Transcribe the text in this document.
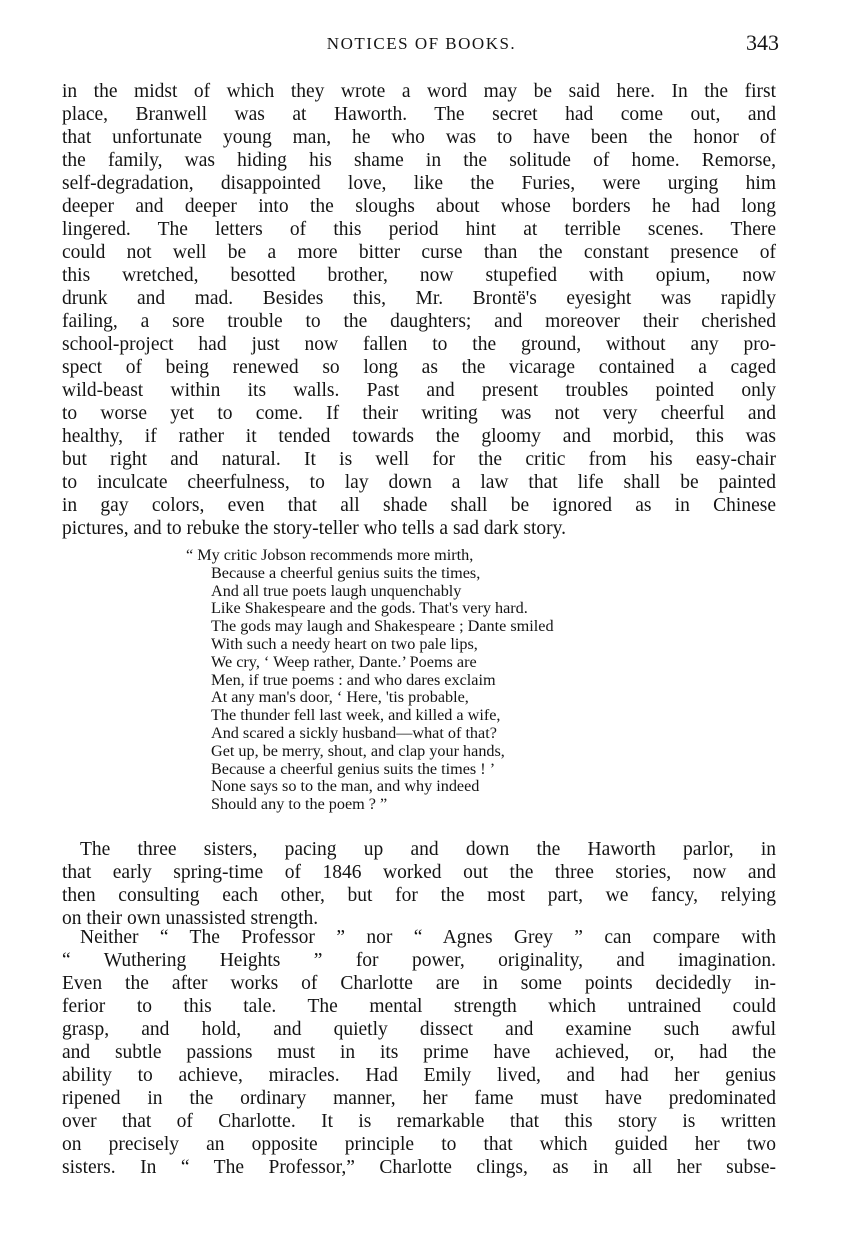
NOTICES OF BOOKS.	343
in the midst of which they wrote a word may be said here. In the first
place, Branwell was at Haworth. The secret had come out, and
that unfortunate young man, he who was to have been the honor of
the family, was hiding his shame in the solitude of home. Remorse,
self-degradation, disappointed love, like the Furies, were urging him
deeper and deeper into the sloughs about whose borders he had long
lingered. The letters of this period hint at terrible scenes. There
could not well be a more bitter curse than the constant presence of
this wretched, besotted brother, now stupefied with opium, now
drunk and mad. Besides this, Mr. Brontë's eyesight was rapidly
failing, a sore trouble to the daughters; and moreover their cherished
school-project had just now fallen to the ground, without any pro-
spect of being renewed so long as the vicarage contained a caged
wild-beast within its walls. Past and present troubles pointed only
to worse yet to come. If their writing was not very cheerful and
healthy, if rather it tended towards the gloomy and morbid, this was
but right and natural. It is well for the critic from his easy-chair
to inculcate cheerfulness, to lay down a law that life shall be painted
in gay colors, even that all shade shall be ignored as in Chinese
pictures, and to rebuke the story-teller who tells a sad dark story.
“ My critic Jobson recommends more mirth,
Because a cheerful genius suits the times,
And all true poets laugh unquenchably
Like Shakespeare and the gods. That's very hard.
The gods may laugh and Shakespeare ; Dante smiled
With such a needy heart on two pale lips,
We cry, ‘ Weep rather, Dante.’ Poems are
Men, if true poems : and who dares exclaim
At any man's door, ‘ Here, 'tis probable,
The thunder fell last week, and killed a wife,
And scared a sickly husband—what of that?
Get up, be merry, shout, and clap your hands,
Because a cheerful genius suits the times ! ’
None says so to the man, and why indeed
Should any to the poem ? ”
The three sisters, pacing up and down the Haworth parlor, in
that early spring-time of 1846 worked out the three stories, now and
then consulting each other, but for the most part, we fancy, relying
on their own unassisted strength.
Neither “ The Professor ” nor “ Agnes Grey ” can compare with
“ Wuthering Heights ” for power, originality, and imagination.
Even the after works of Charlotte are in some points decidedly in-
ferior to this tale. The mental strength which untrained could
grasp, and hold, and quietly dissect and examine such awful
and subtle passions must in its prime have achieved, or, had the
ability to achieve, miracles. Had Emily lived, and had her genius
ripened in the ordinary manner, her fame must have predominated
over that of Charlotte. It is remarkable that this story is written
on precisely an opposite principle to that which guided her two
sisters. In “ The Professor,” Charlotte clings, as in all her subse-
